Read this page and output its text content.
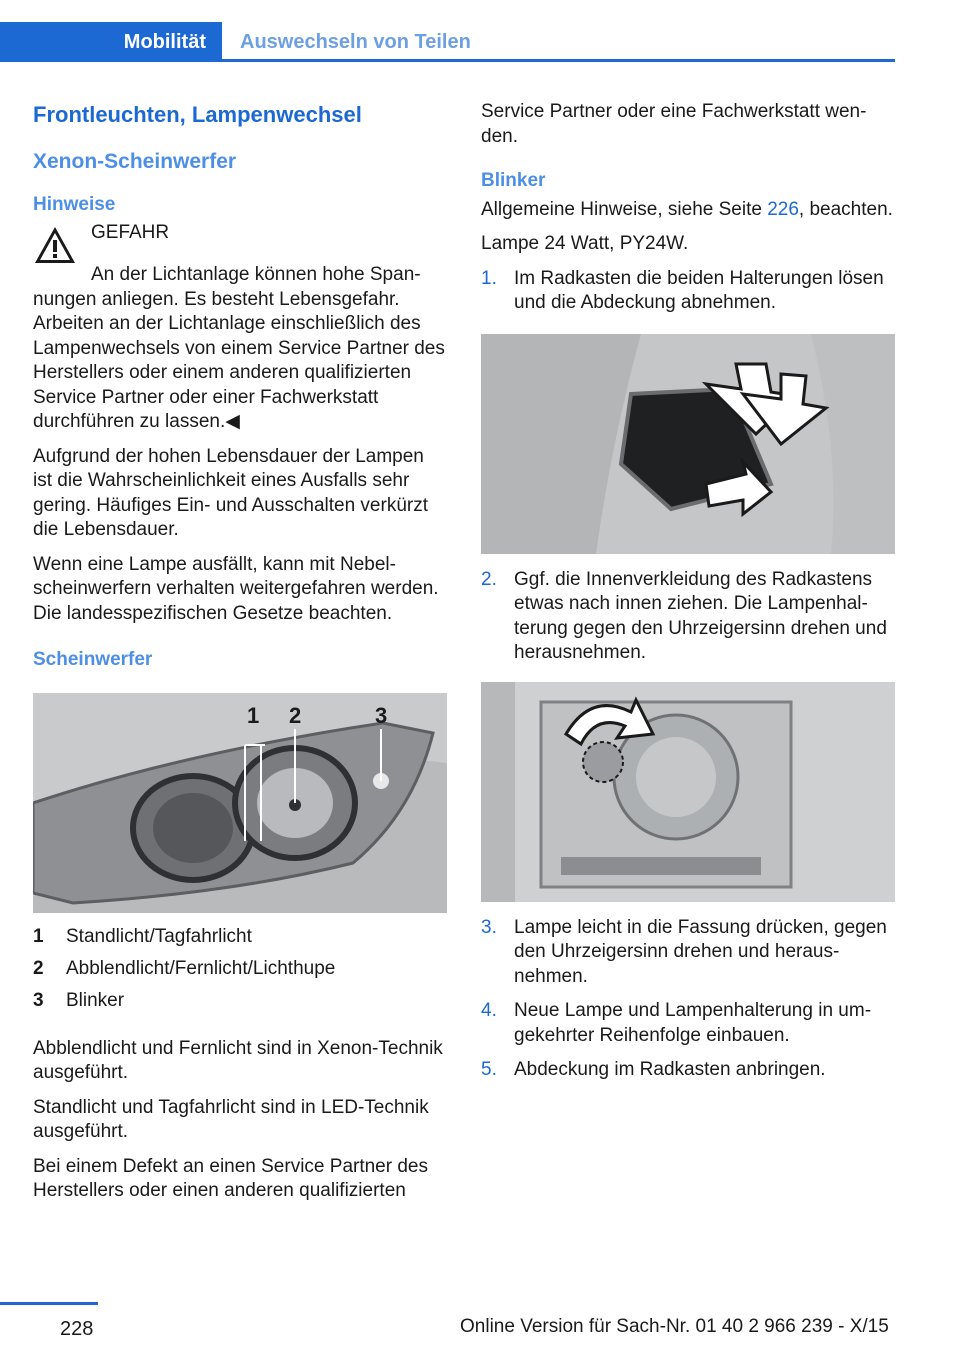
Mobilität	Auswechseln von Teilen
Frontleuchten, Lampenwechsel
Xenon-Scheinwerfer
Hinweise
GEFAHR

An der Lichtanlage können hohe Spannungen anliegen. Es besteht Lebensgefahr. Arbeiten an der Lichtanlage einschließlich des Lampenwechsels von einem Service Partner des Herstellers oder einem anderen qualifizierten Service Partner oder einer Fachwerkstatt durchführen zu lassen.◀

Aufgrund der hohen Lebensdauer der Lampen ist die Wahrscheinlichkeit eines Ausfalls sehr gering. Häufiges Ein- und Ausschalten verkürzt die Lebensdauer.

Wenn eine Lampe ausfällt, kann mit Nebelscheinwerfern verhalten weitergefahren werden. Die landesspezifischen Gesetze beachten.

Scheinwerfer
1 2	3
1	Standlicht/Tagfahrlicht
2	Abblendlicht/Fernlicht/Lichthupe
3	Blinker

Abblendlicht und Fernlicht sind in Xenon-Technik ausgeführt.

Standlicht und Tagfahrlicht sind in LED-Technik ausgeführt.

Bei einem Defekt an einen Service Partner des Herstellers oder einen anderen qualifizierten

Service Partner oder eine Fachwerkstatt wenden.

Blinker

Allgemeine Hinweise, siehe Seite 226, beachten.

Lampe 24 Watt, PY24W.

1. Im Radkasten die beiden Halterungen lösen und die Abdeckung abnehmen.
2. Ggf. die Innenverkleidung des Radkastens etwas nach innen ziehen. Die Lampenhalterung gegen den Uhrzeigersinn drehen und herausnehmen.
3. Lampe leicht in die Fassung drücken, gegen den Uhrzeigersinn drehen und herausnehmen.
4. Neue Lampe und Lampenhalterung in umgekehrter Reihenfolge einbauen.
5. Abdeckung im Radkasten anbringen.
228	Online Version für Sach-Nr. 01 40 2 966 239 - X/15
